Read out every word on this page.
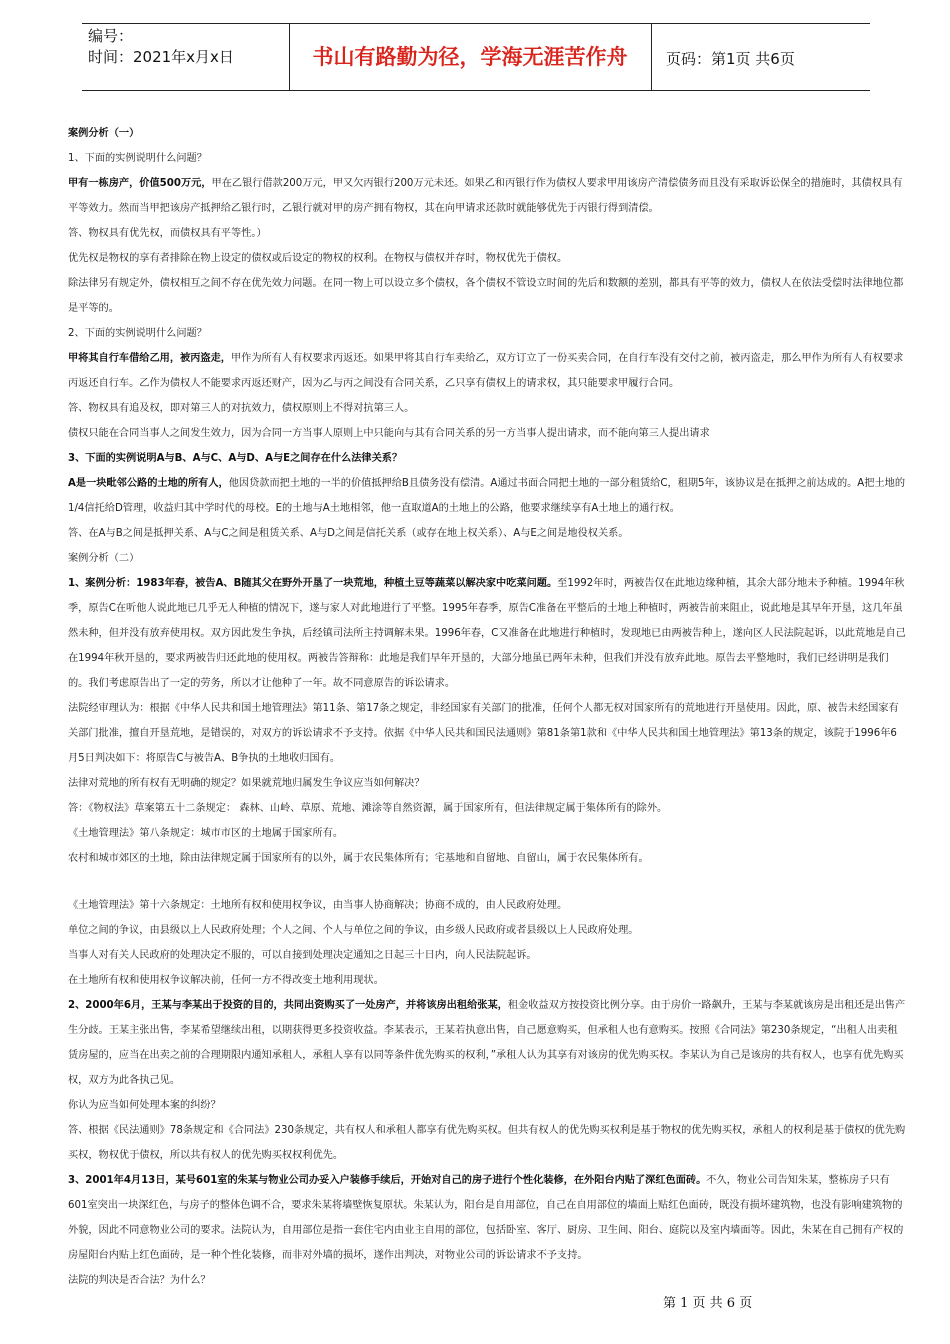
编号：
时间：2021年x月x日	书山有路勤为径，学海无涯苦作舟	页码：第1页 共6页
案例分析（一）
1、下面的实例说明什么问题？
甲有一栋房产，价值500万元，甲在乙银行借款200万元，甲又欠丙银行200万元未还。如果乙和丙银行作为债权人要求甲用该房产清偿债务而且没有采取诉讼保全的措施时，其债权具有平等效力。然而当甲把该房产抵押给乙银行时，乙银行就对甲的房产拥有物权，其在向甲请求还款时就能够优先于丙银行得到清偿。
答、物权具有优先权，而债权具有平等性。）
优先权是物权的享有者排除在物上设定的债权或后设定的物权的权利。在物权与债权并存时，物权优先于债权。
除法律另有规定外，债权相互之间不存在优先效力问题。在同一物上可以设立多个债权，各个债权不管设立时间的先后和数额的差别，都具有平等的效力，债权人在依法受偿时法律地位都是平等的。
2、下面的实例说明什么问题？
甲将其自行车借给乙用，被丙盗走，甲作为所有人有权要求丙返还。如果甲将其自行车卖给乙，双方订立了一份买卖合同，在自行车没有交付之前，被丙盗走，那么甲作为所有人有权要求丙返还自行车。乙作为债权人不能要求丙返还财产，因为乙与丙之间没有合同关系，乙只享有债权上的请求权，其只能要求甲履行合同。
答、物权具有追及权，即对第三人的对抗效力，债权原则上不得对抗第三人。
债权只能在合同当事人之间发生效力，因为合同一方当事人原则上中只能向与其有合同关系的另一方当事人提出请求，而不能向第三人提出请求
3、下面的实例说明A与B、A与C、A与D、A与E之间存在什么法律关系？
A是一块毗邻公路的土地的所有人，他因贷款而把土地的一半的价值抵押给B且债务没有偿清。A通过书面合同把土地的一部分租赁给C，租期5年，该协议是在抵押之前达成的。A把土地的1/4信托给D管理，收益归其中学时代的母校。E的土地与A土地相邻，他一直取道A的土地上的公路，他要求继续享有A土地上的通行权。
答、在A与B之间是抵押关系、A与C之间是租赁关系、A与D之间是信托关系（或存在地上权关系）、A与E之间是地役权关系。
案例分析（二）
1、案例分析：1983年春，被告A、B随其父在野外开垦了一块荒地，种植土豆等蔬菜以解决家中吃菜问题。至1992年时，两被告仅在此地边缘种植，其余大部分地未予种植。1994年秋季，原告C在听他人说此地已几乎无人种植的情况下，遂与家人对此地进行了平整。1995年春季，原告C准备在平整后的土地上种植时，两被告前来阻止，说此地是其早年开垦，这几年虽然未种，但并没有放弃使用权。双方因此发生争执，后经镇司法所主持调解未果。1996年春，C又准备在此地进行种植时，发现地已由两被告种上，遂向区人民法院起诉，以此荒地是自己在1994年秋开垦的，要求两被告归还此地的使用权。两被告答辩称：此地是我们早年开垦的，大部分地虽已两年未种，但我们并没有放弃此地。原告去平整地时，我们已经讲明是我们的。我们考虑原告出了一定的劳务，所以才让他种了一年。故不同意原告的诉讼请求。
法院经审理认为：根据《中华人民共和国土地管理法》第11条、第17条之规定，非经国家有关部门的批准，任何个人都无权对国家所有的荒地进行开垦使用。因此，原、被告未经国家有关部门批准，擅自开垦荒地，是错误的，对双方的诉讼请求不予支持。依据《中华人民共和国民法通则》第81条第1款和《中华人民共和国土地管理法》第13条的规定，该院于1996年6月5日判决如下：将原告C与被告A、B争执的土地收归国有。
法律对荒地的所有权有无明确的规定？如果就荒地归属发生争议应当如何解决？
答：《物权法》草案第五十二条规定： 森林、山岭、草原、荒地、滩涂等自然资源，属于国家所有，但法律规定属于集体所有的除外。
《土地管理法》第八条规定：城市市区的土地属于国家所有。
农村和城市郊区的土地，除由法律规定属于国家所有的以外，属于农民集体所有；宅基地和自留地、自留山，属于农民集体所有。
《土地管理法》第十六条规定：土地所有权和使用权争议，由当事人协商解决；协商不成的，由人民政府处理。
单位之间的争议，由县级以上人民政府处理；个人之间、个人与单位之间的争议，由乡级人民政府或者县级以上人民政府处理。
当事人对有关人民政府的处理决定不服的，可以自接到处理决定通知之日起三十日内，向人民法院起诉。
在土地所有权和使用权争议解决前，任何一方不得改变土地利用现状。
2、2000年6月，王某与李某出于投资的目的，共同出资购买了一处房产，并将该房出租给张某，租金收益双方按投资比例分享。由于房价一路飙升，王某与李某就该房是出租还是出售产生分歧。王某主张出售，李某希望继续出租，以期获得更多投资收益。李某表示，王某若执意出售，自己愿意购买，但承租人也有意购买。按照《合同法》第230条规定，“出租人出卖租赁房屋的，应当在出卖之前的合理期限内通知承租人，承租人享有以同等条件优先购买的权利，”承租人认为其享有对该房的优先购买权。李某认为自己是该房的共有权人，也享有优先购买权，双方为此各执己见。
你认为应当如何处理本案的纠纷？
答、根据《民法通则》78条规定和《合同法》230条规定，共有权人和承租人都享有优先购买权。但共有权人的优先购买权利是基于物权的优先购买权，承租人的权利是基于债权的优先购买权，物权优于债权，所以共有权人的优先购买权权利优先。
3、2001年4月13日，某号601室的朱某与物业公司办妥入户装修手续后，开始对自己的房子进行个性化装修，在外阳台内贴了深红色面砖。不久，物业公司告知朱某，整栋房子只有601室突出一块深红色，与房子的整体色调不合，要求朱某将墙壁恢复原状。朱某认为，阳台是自用部位，自己在自用部位的墙面上贴红色面砖，既没有损坏建筑物，也没有影响建筑物的外貌，因此不同意物业公司的要求。法院认为，自用部位是指一套住宅内由业主自用的部位，包括卧室、客厅、厨房、卫生间、阳台、庭院以及室内墙面等。因此，朱某在自己拥有产权的房屋阳台内贴上红色面砖，是一种个性化装修，而非对外墙的损坏，遂作出判决，对物业公司的诉讼请求不予支持。
法院的判决是否合法？为什么？
第 1 页 共 6 页
